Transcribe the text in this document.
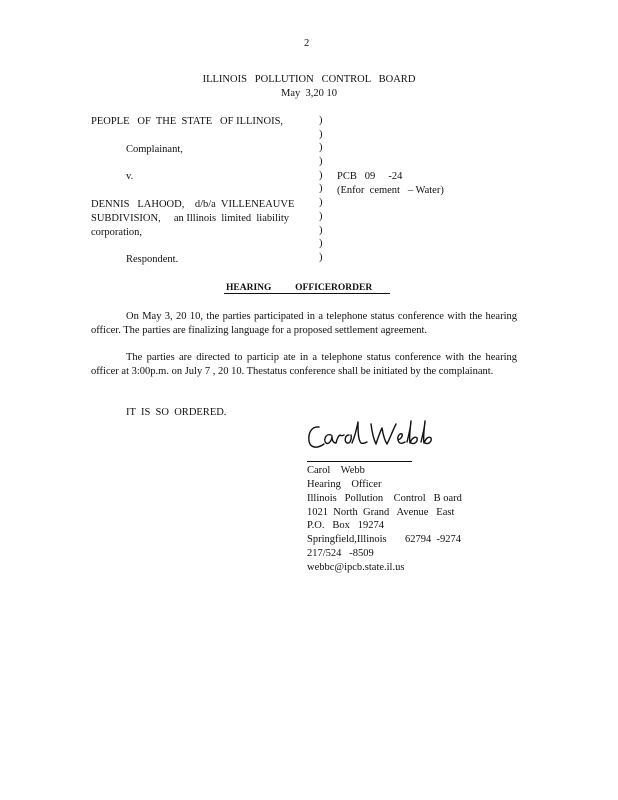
2
ILLINOIS   POLLUTION   CONTROL   BOARD
May  3,20 10
PEOPLE   OF  THE  STATE   OF ILLINOIS,
Complainant,
v.
DENNIS   LAHOOD,    d/b/a  VILLENEAUVE
SUBDIVISION,     an Illinois  limited  liability
corporation,
Respondent.
)
)
)
)
)
)
)
)
)
)
)
PCB   09     -24
(Enfor  cement   – Water)
HEARING          OFFICERORDER
On May 3, 20 10, the parties participated in a telephone status conference with the hearing officer. The parties are finalizing language for a proposed settlement agreement.
The parties are directed to particip ate in a telephone status conference with the hearing officer at 3:00p.m. on July 7 , 20 10. Thestatus conference shall be initiated by the complainant.
IT  IS  SO  ORDERED.
Carol    Webb
Hearing    Officer
Illinois   Pollution    Control   B oard
1021  North  Grand   Avenue   East
P.O.   Box   19274
Springfield,Illinois       62794  -9274
217/524   -8509
webbc@ipcb.state.il.us
